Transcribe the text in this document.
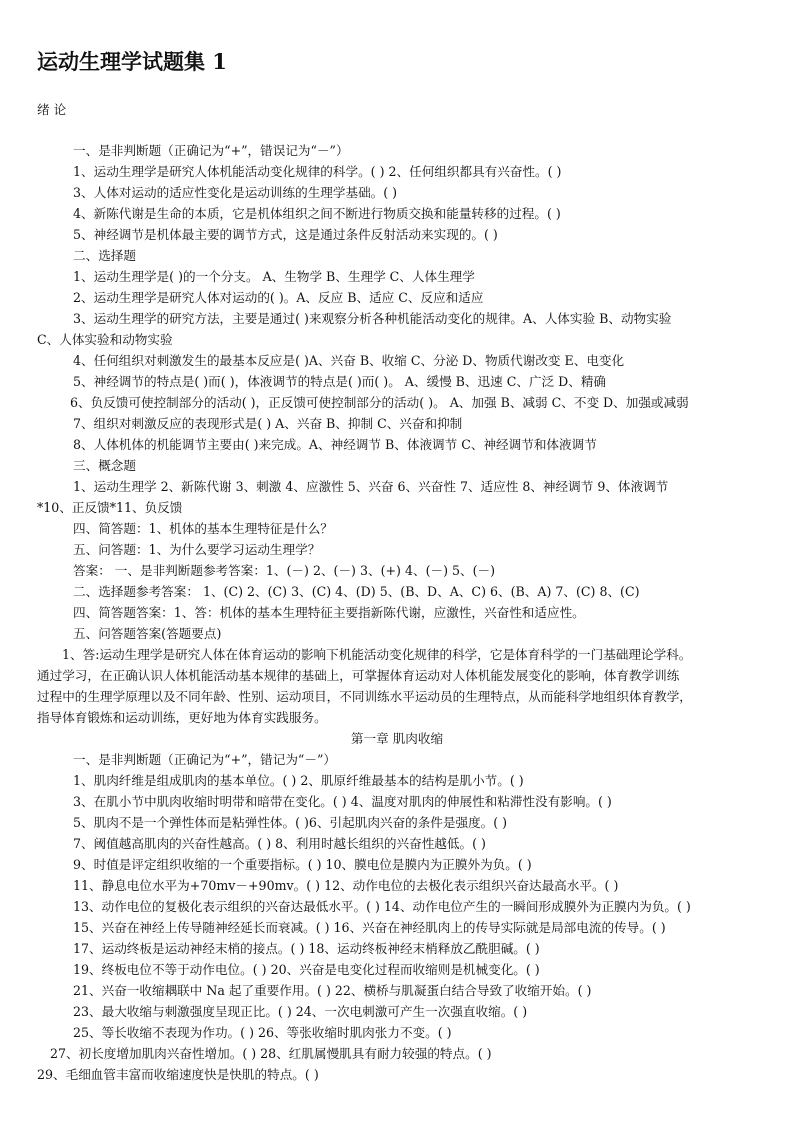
运动生理学试题集 1
绪 论
一、是非判断题（正确记为“+”，错误记为“－”）
1、运动生理学是研究人体机能活动变化规律的科学。( ) 2、任何组织都具有兴奋性。( )
3、人体对运动的适应性变化是运动训练的生理学基础。( )
4、新陈代谢是生命的本质，它是机体组织之间不断进行物质交换和能量转移的过程。( )
5、神经调节是机体最主要的调节方式，这是通过条件反射活动来实现的。( )
二、选择题
1、运动生理学是( )的一个分支。 A、生物学 B、生理学 C、人体生理学
2、运动生理学是研究人体对运动的( )。A、反应 B、适应 C、反应和适应
3、运动生理学的研究方法，主要是通过( )来观察分析各种机能活动变化的规律。A、人体实验 B、动物实验
C、人体实验和动物实验
4、任何组织对刺激发生的最基本反应是( )A、兴奋 B、收缩 C、分泌 D、物质代谢改变 E、电变化
5、神经调节的特点是( )而( )，体液调节的特点是( )而( )。 A、缓慢 B、迅速 C、广泛 D、精确
6、负反馈可使控制部分的活动( )，正反馈可使控制部分的活动( )。 A、加强 B、减弱 C、不变 D、加强或减弱
7、组织对刺激反应的表现形式是( ) A、兴奋 B、抑制 C、兴奋和抑制
8、人体机体的机能调节主要由( )来完成。A、神经调节 B、体液调节 C、神经调节和体液调节
三、概念题
1、运动生理学 2、新陈代谢 3、刺激 4、应激性 5、兴奋 6、兴奋性 7、适应性 8、神经调节 9、体液调节
*10、正反馈*11、负反馈
四、简答题：1、机体的基本生理特征是什么？
五、问答题：1、为什么要学习运动生理学？
答案： 一、是非判断题参考答案：1、(－) 2、(－) 3、(+) 4、(－) 5、(－)
二、选择题参考答案： 1、(C) 2、(C) 3、(C) 4、(D) 5、(B、D、A、C) 6、(B、A) 7、(C) 8、(C)
四、简答题答案：1、答：机体的基本生理特征主要指新陈代谢，应激性，兴奋性和适应性。
五、问答题答案(答题要点)
1、答:运动生理学是研究人体在体育运动的影响下机能活动变化规律的科学，它是体育科学的一门基础理论学科。
通过学习，在正确认识人体机能活动基本规律的基础上，可掌握体育运动对人体机能发展变化的影响，体育教学训练
过程中的生理学原理以及不同年龄、性别、运动项目，不同训练水平运动员的生理特点，从而能科学地组织体育教学，
指导体育锻炼和运动训练，更好地为体育实践服务。
第一章 肌肉收缩
一、是非判断题（正确记为“+”，错记为“－”）
1、肌肉纤维是组成肌肉的基本单位。( ) 2、肌原纤维最基本的结构是肌小节。( )
3、在肌小节中肌肉收缩时明带和暗带在变化。( ) 4、温度对肌肉的伸展性和粘滞性没有影响。( )
5、肌肉不是一个弹性体而是粘弹性体。( )6、引起肌肉兴奋的条件是强度。( )
7、阈值越高肌肉的兴奋性越高。( ) 8、利用时越长组织的兴奋性越低。( )
9、时值是评定组织收缩的一个重要指标。( ) 10、膜电位是膜内为正膜外为负。( )
11、静息电位水平为+70mv－+90mv。( ) 12、动作电位的去极化表示组织兴奋达最高水平。( )
13、动作电位的复极化表示组织的兴奋达最低水平。( ) 14、动作电位产生的一瞬间形成膜外为正膜内为负。( )
15、兴奋在神经上传导随神经延长而衰减。( ) 16、兴奋在神经肌肉上的传导实际就是局部电流的传导。( )
17、运动终板是运动神经末梢的接点。( ) 18、运动终板神经末梢释放乙酰胆碱。( )
19、终板电位不等于动作电位。( ) 20、兴奋是电变化过程而收缩则是机械变化。( )
21、兴奋一收缩耦联中 Na 起了重要作用。( ) 22、横桥与肌凝蛋白结合导致了收缩开始。( )
23、最大收缩与刺激强度呈现正比。( ) 24、一次电刺激可产生一次强直收缩。( )
25、等长收缩不表现为作功。( ) 26、等张收缩时肌肉张力不变。( )
27、初长度增加肌肉兴奋性增加。( ) 28、红肌属慢肌具有耐力较强的特点。( )
29、毛细血管丰富而收缩速度快是快肌的特点。( )
